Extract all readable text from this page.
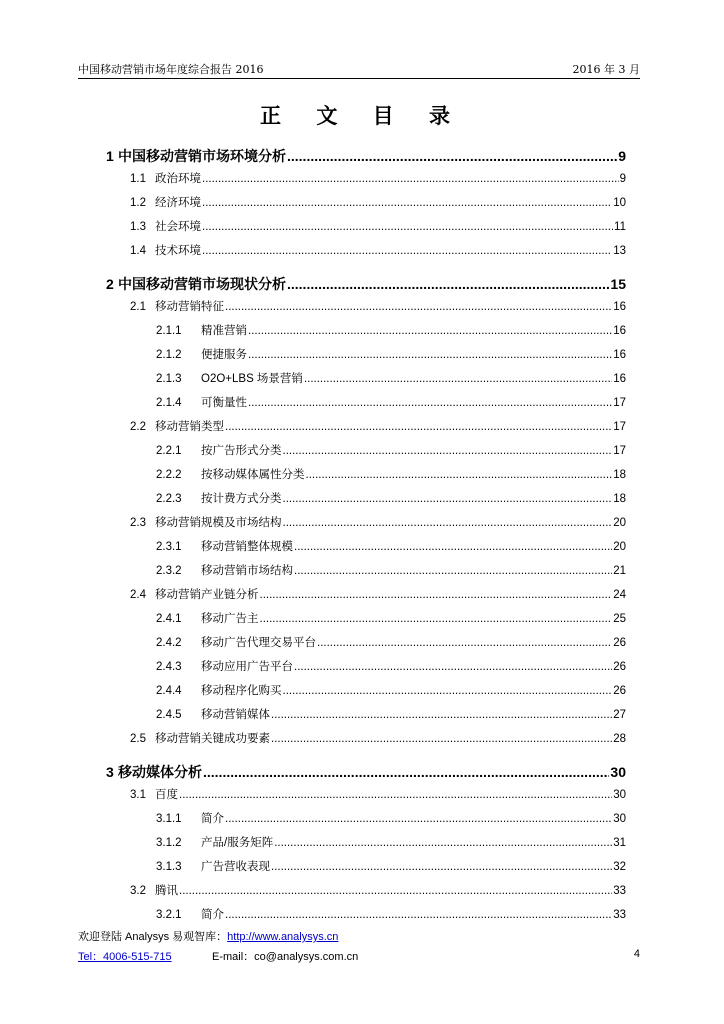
中国移动营销市场年度综合报告 2016	2016 年 3 月
正 文 目 录
1 中国移动营销市场环境分析 .....	9
1.1 政治环境 .....	9
1.2 经济环境 .....	10
1.3 社会环境 .....	11
1.4 技术环境 .....	13
2 中国移动营销市场现状分析 .....	15
2.1 移动营销特征 .....	16
2.1.1	精准营销 .....	16
2.1.2	便捷服务 .....	16
2.1.3	O2O+LBS 场景营销 .....	16
2.1.4	可衡量性 .....	17
2.2 移动营销类型 .....	17
2.2.1	按广告形式分类 .....	17
2.2.2	按移动媒体属性分类 .....	18
2.2.3	按计费方式分类 .....	18
2.3 移动营销规模及市场结构 .....	20
2.3.1	移动营销整体规模 .....	20
2.3.2	移动营销市场结构 .....	21
2.4 移动营销产业链分析 .....	24
2.4.1	移动广告主 .....	25
2.4.2	移动广告代理交易平台 .....	26
2.4.3	移动应用广告平台 .....	26
2.4.4	移动程序化购买 .....	26
2.4.5	移动营销媒体 .....	27
2.5 移动营销关键成功要素 .....	28
3 移动媒体分析 .....	30
3.1 百度 .....	30
3.1.1	简介 .....	30
3.1.2	产品/服务矩阵 .....	31
3.1.3	广告营收表现 .....	32
3.2 腾讯 .....	33
3.2.1	简介 .....	33
欢迎登陆 Analysys 易观智库：http://www.analysys.cn
Tel：4006-515-715	E-mail：co@analysys.com.cn	4
